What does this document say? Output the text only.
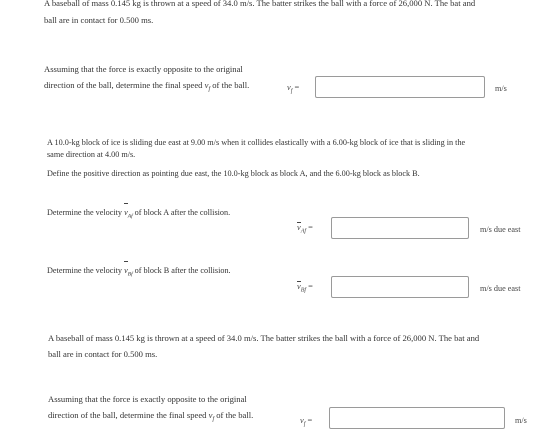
A baseball of mass 0.145 kg is thrown at a speed of 34.0 m/s. The batter strikes the ball with a force of 26,000 N. The bat and
ball are in contact for 0.500 ms.
Assuming that the force is exactly opposite to the original
direction of the ball, determine the final speed $v_f$ of the ball.	$v_f$ =	m/s
A 10.0-kg block of ice is sliding due east at 9.00 m/s when it collides elastically with a 6.00-kg block of ice that is sliding in the
same direction at 4.00 m/s.
Define the positive direction as pointing due east, the 10.0-kg block as block A, and the 6.00-kg block as block B.
Determine the velocity $v_{Af}$ of block A after the collision.
$v_{Af}$ =	m/s due east
Determine the velocity $v_{Bf}$ of block B after the collision.
$v_{Bf}$ =	m/s due east
A baseball of mass 0.145 kg is thrown at a speed of 34.0 m/s. The batter strikes the ball with a force of 26,000 N. The bat and
ball are in contact for 0.500 ms.
Assuming that the force is exactly opposite to the original
direction of the ball, determine the final speed $v_f$ of the ball.
$v_f$ =	m/s
